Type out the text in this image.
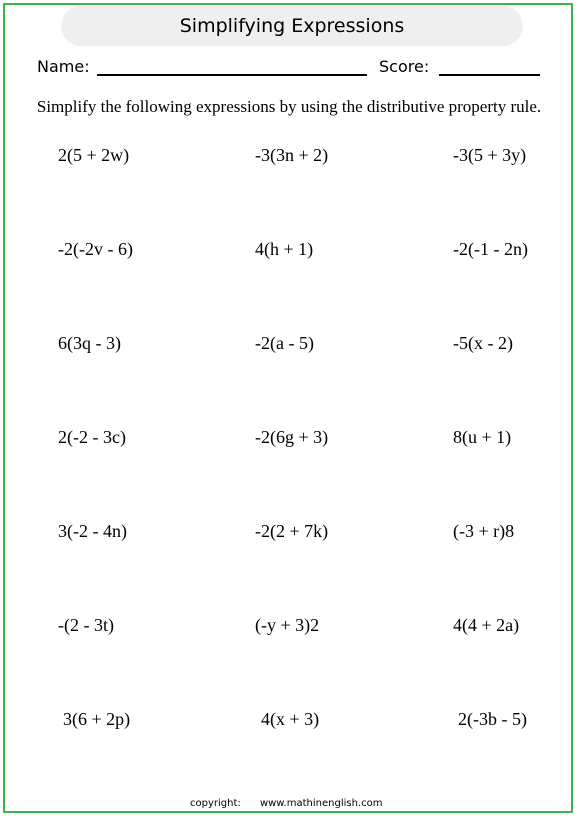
Simplifying Expressions
Name:	Score:
Simplify the following expressions by using the distributive property rule.
2(5 + 2w)	-3(3n + 2)	-3(5 + 3y)
-2(-2v - 6)	4(h + 1)	-2(-1 - 2n)
6(3q - 3)	-2(a - 5)	-5(x - 2)
2(-2 - 3c)	-2(6g + 3)	8(u + 1)
3(-2 - 4n)	-2(2 + 7k)	(-3 + r)8
-(2 - 3t)	(-y + 3)2	4(4 + 2a)
3(6 + 2p)	4(x + 3)	2(-3b - 5)
copyright: www.mathinenglish.com
